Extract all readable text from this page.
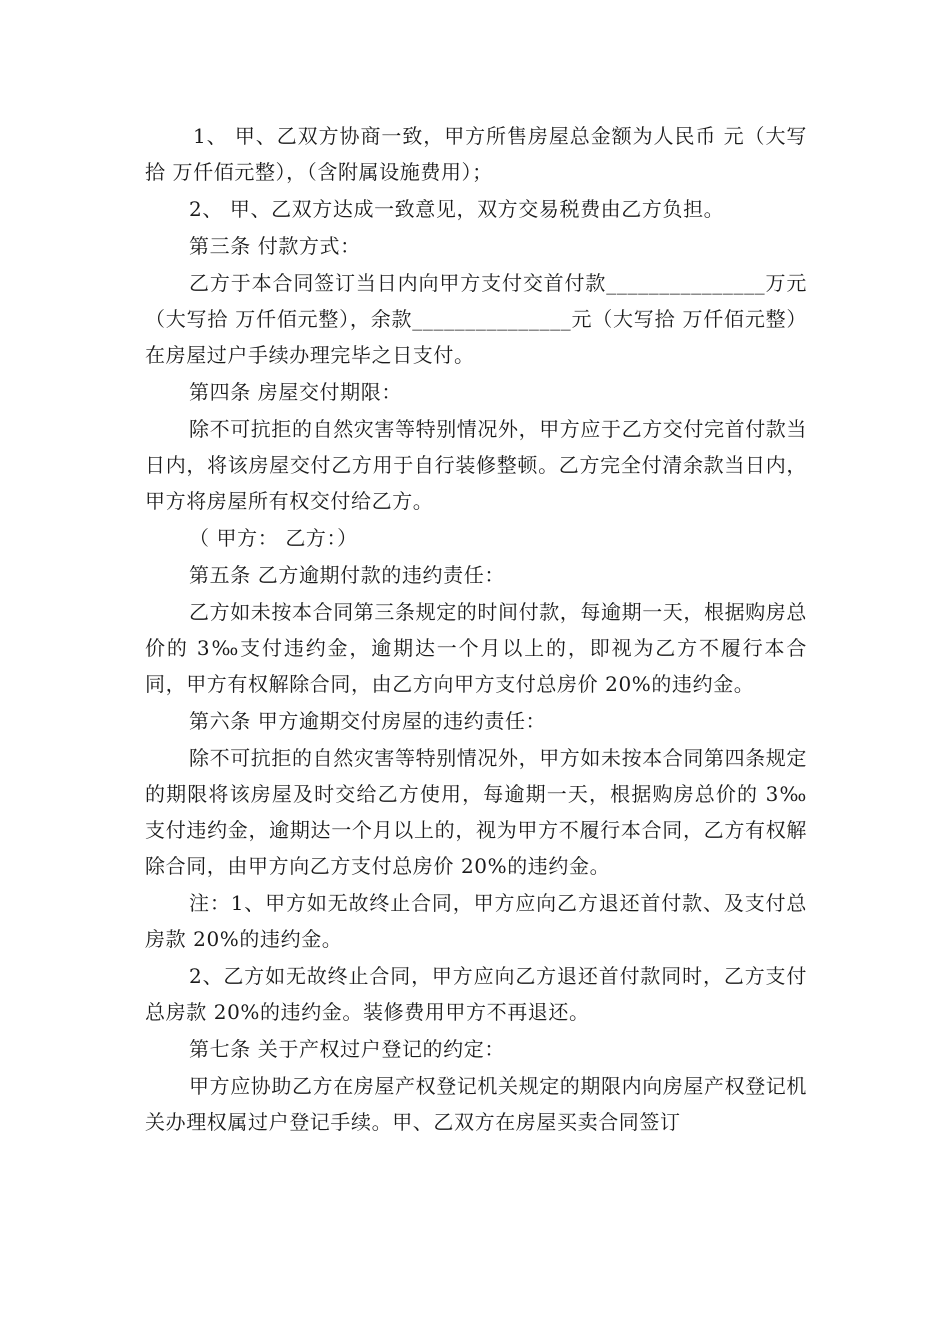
1、 甲、乙双方协商一致，甲方所售房屋总金额为人民币 元（大写拾 万仟佰元整），（含附属设施费用）；

2、 甲、乙双方达成一致意见，双方交易税费由乙方负担。

第三条 付款方式：

乙方于本合同签订当日内向甲方支付交首付款_______________万元（大写拾 万仟佰元整），余款_______________元（大写拾 万仟佰元整）在房屋过户手续办理完毕之日支付。

第四条 房屋交付期限：

除不可抗拒的自然灾害等特别情况外，甲方应于乙方交付完首付款当日内，将该房屋交付乙方用于自行装修整顿。乙方完全付清余款当日内，甲方将房屋所有权交付给乙方。

（ 甲方： 乙方：）

第五条 乙方逾期付款的违约责任：

乙方如未按本合同第三条规定的时间付款，每逾期一天，根据购房总价的 3‰支付违约金，逾期达一个月以上的，即视为乙方不履行本合同，甲方有权解除合同，由乙方向甲方支付总房价 20%的违约金。

第六条 甲方逾期交付房屋的违约责任：

除不可抗拒的自然灾害等特别情况外，甲方如未按本合同第四条规定的期限将该房屋及时交给乙方使用，每逾期一天，根据购房总价的 3‰支付违约金，逾期达一个月以上的，视为甲方不履行本合同，乙方有权解除合同，由甲方向乙方支付总房价 20%的违约金。

注：1、甲方如无故终止合同，甲方应向乙方退还首付款、及支付总房款 20%的违约金。

2、乙方如无故终止合同，甲方应向乙方退还首付款同时，乙方支付总房款 20%的违约金。装修费用甲方不再退还。

第七条 关于产权过户登记的约定：

甲方应协助乙方在房屋产权登记机关规定的期限内向房屋产权登记机关办理权属过户登记手续。甲、乙双方在房屋买卖合同签订
